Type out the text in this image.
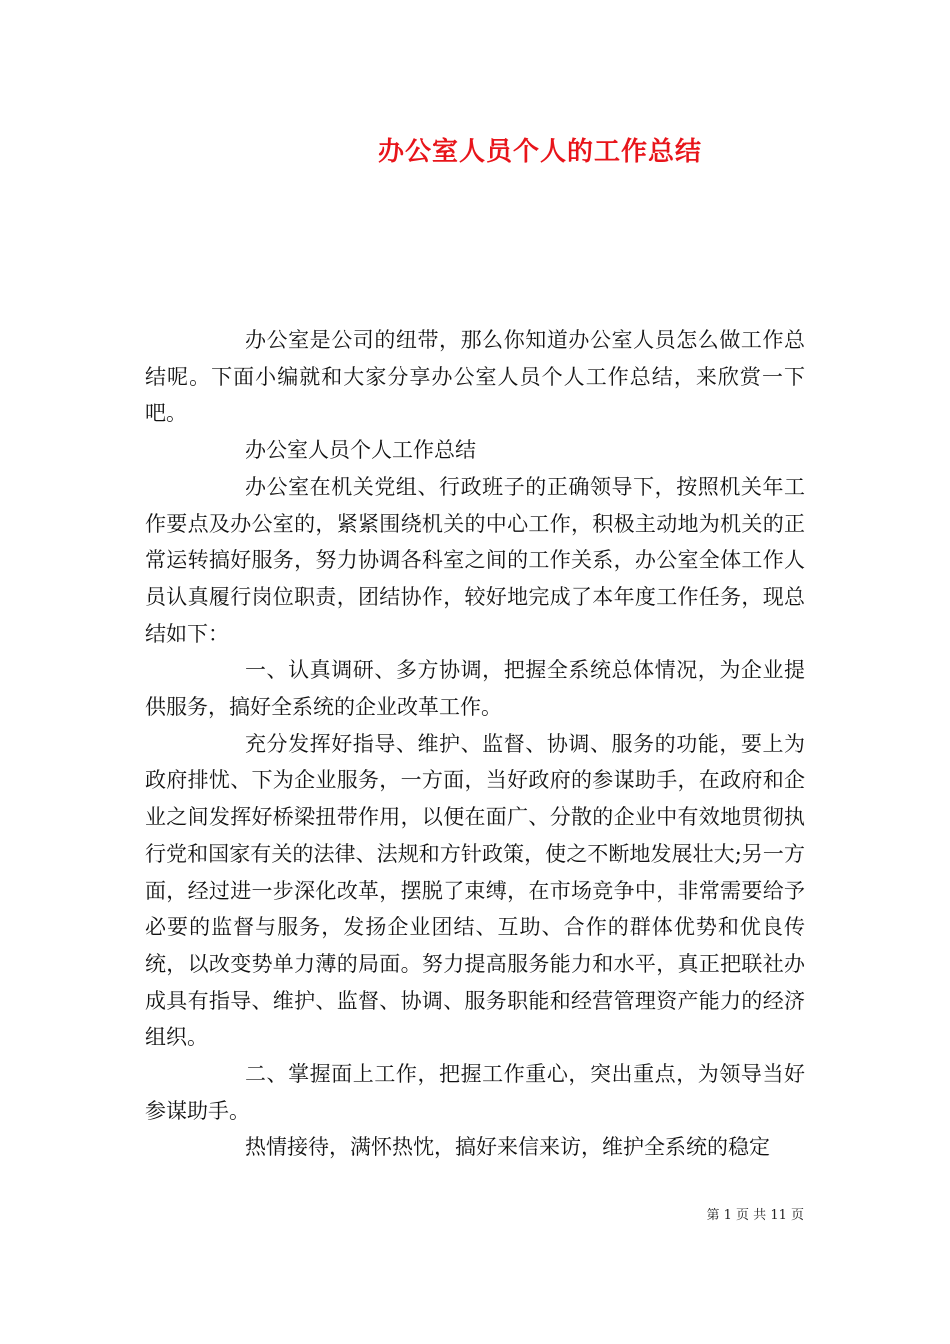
办公室人员个人的工作总结

办公室是公司的纽带，那么你知道办公室人员怎么做工作总结呢。下面小编就和大家分享办公室人员个人工作总结，来欣赏一下吧。

办公室人员个人工作总结

办公室在机关党组、行政班子的正确领导下，按照机关年工作要点及办公室的，紧紧围绕机关的中心工作，积极主动地为机关的正常运转搞好服务，努力协调各科室之间的工作关系，办公室全体工作人员认真履行岗位职责，团结协作，较好地完成了本年度工作任务，现总结如下：

一、认真调研、多方协调，把握全系统总体情况，为企业提供服务，搞好全系统的企业改革工作。

充分发挥好指导、维护、监督、协调、服务的功能，要上为政府排忧、下为企业服务，一方面，当好政府的参谋助手，在政府和企业之间发挥好桥梁扭带作用，以便在面广、分散的企业中有效地贯彻执行党和国家有关的法律、法规和方针政策，使之不断地发展壮大;另一方面，经过进一步深化改革，摆脱了束缚，在市场竞争中，非常需要给予必要的监督与服务，发扬企业团结、互助、合作的群体优势和优良传统，以改变势单力薄的局面。努力提高服务能力和水平，真正把联社办成具有指导、维护、监督、协调、服务职能和经营管理资产能力的经济组织。

二、掌握面上工作，把握工作重心，突出重点，为领导当好参谋助手。

热情接待，满怀热忱，搞好来信来访，维护全系统的稳定

第 1 页 共 11 页
